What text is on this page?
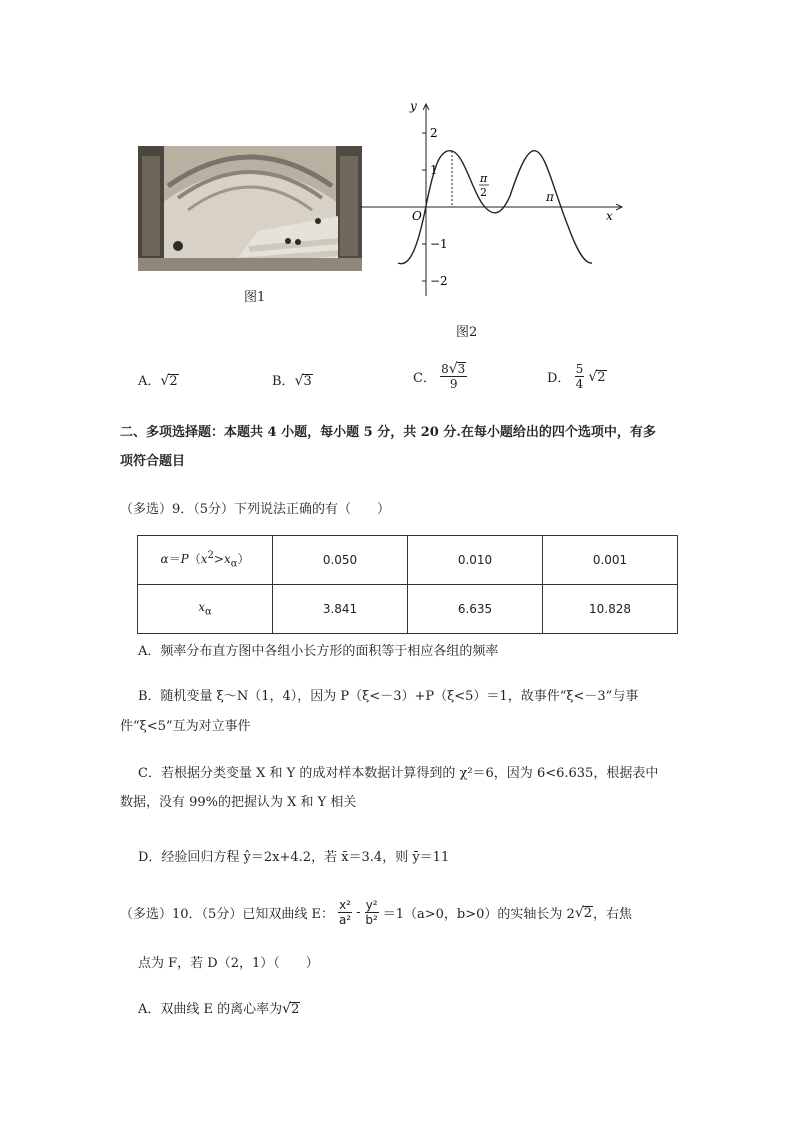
图1
y
x
O
2
1
−1
−2
π
2	π
图2
A．√2	B．√3	C． $\frac{8√3}{9}$	D． $\frac{5}{4} √2$
二、多项选择题：本题共 4 小题，每小题 5 分，共 20 分.在每小题给出的四个选项中，有多
项符合题目
（多选）9．（5分）下列说法正确的有（　　）
$\alpha=P(x^2>x_\alpha)$	0.050	0.010	0.001
$x_\alpha$	3.841	6.635	10.828
A．频率分布直方图中各组小长方形的面积等于相应各组的频率
B．随机变量 ξ～N（1，4），因为 P（ξ<－3）+P（ξ<5）＝1，故事件“ξ<－3”与事
件“ξ<5”互为对立事件
C．若根据分类变量 X 和 Y 的成对样本数据计算得到的 χ²＝6，因为 6<6.635，根据表中
数据，没有 99%的把握认为 X 和 Y 相关
D．经验回归方程 ŷ＝2x+4.2，若 x̄＝3.4，则 ȳ＝11
（多选）10．（5分）已知双曲线 E： $\frac{\text{x²}}{\text{a²}} - \frac{\text{y²}}{\text{b²}} =1(a>0$，b>0）的实轴长为 2√2，右焦
点为 F，若 D（2，1）（　　）
A．双曲线 E 的离心率为√2
